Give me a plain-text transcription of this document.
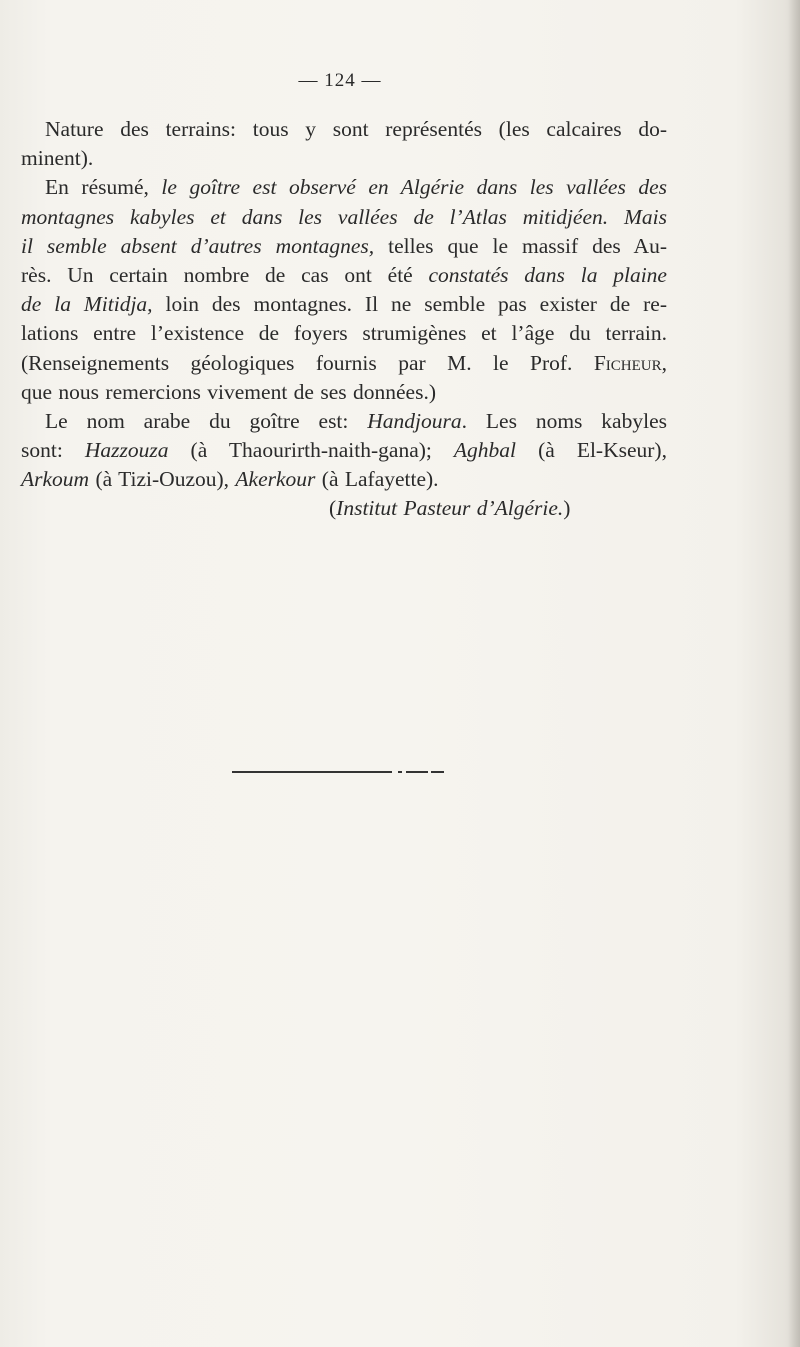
— 124 —
Nature des terrains: tous y sont représentés (les calcaires do-
minent).
En résumé, le goître est observé en Algérie dans les vallées des
montagnes kabyles et dans les vallées de l’Atlas mitidjéen. Mais
il semble absent d’autres montagnes, telles que le massif des Au-
rès. Un certain nombre de cas ont été constatés dans la plaine
de la Mitidja, loin des montagnes. Il ne semble pas exister de re-
lations entre l’existence de foyers strumigènes et l’âge du terrain.
(Renseignements géologiques fournis par M. le Prof. Ficheur,
que nous remercions vivement de ses données.)
Le nom arabe du goître est: Handjoura. Les noms kabyles
sont: Hazzouza (à Thaourirth-naith-gana); Aghbal (à El-Kseur),
Arkoum (à Tizi-Ouzou), Akerkour (à Lafayette).
(Institut Pasteur d’Algérie.)
